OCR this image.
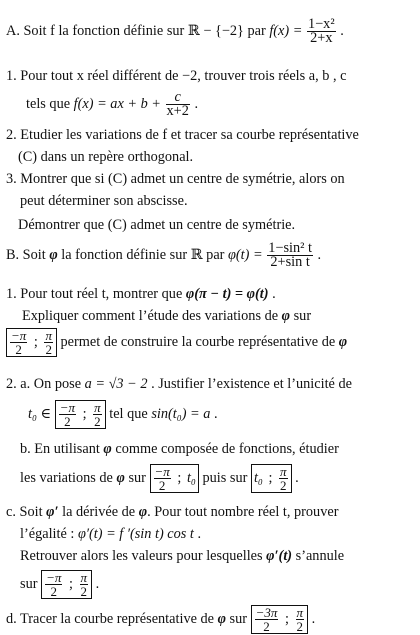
A. Soit f la fonction définie sur ℝ − {−2} par $f(x) = \frac{\text{1−x²}}{2+x}$ .
1. Pour tout x réel différent de −2, trouver trois réels a, b , c
tels que f(x) = ax + $b + \frac{c}{x+2}$ .
2. Etudier les variations de f et tracer sa courbe représentative
(C) dans un repère orthogonal.
3. Montrer que si (C) admet un centre de symétrie, alors on
peut déterminer son abscisse.
Démontrer que (C) admet un centre de symétrie.
B. Soit φ la fonction définie sur ℝ par $\varphi(t) = \frac{\text{1−sin² t}}{\text{2+sin t}}$ .
1. Pour tout réel t, montrer que φ(π − t) = φ(t) .
Expliquer comment l’étude des variations de φ sur
$\frac{-\pi}{2}$ ; $\frac{\pi}{2}$ permet de construire la courbe représentative de φ
2. a. On pose a = √3 − 2 . Justifier l’existence et l’unicité de
t₀ ∈ $\frac{-\pi}{2}$ ; $\frac{\pi}{2}$ tel que sin(t₀) = a .
b. En utilisant φ comme composée de fonctions, étudier
les variations de φ sur $\frac{-\pi}{2}$ ; t₀ puis sur t₀ ; $\frac{\pi}{2}$ .
c. Soit φ′ la dérivée de φ. Pour tout nombre réel t, prouver
l’égalité : φ′(t) = f ′(sin t) cos t .
Retrouver alors les valeurs pour lesquelles φ′(t) s’annule
sur $\frac{-\pi}{2}$ ; $\frac{\pi}{2}$ .
d. Tracer la courbe représentative de φ sur $\frac{-3\pi}{2}$ ; $\frac{\pi}{2}$ .
